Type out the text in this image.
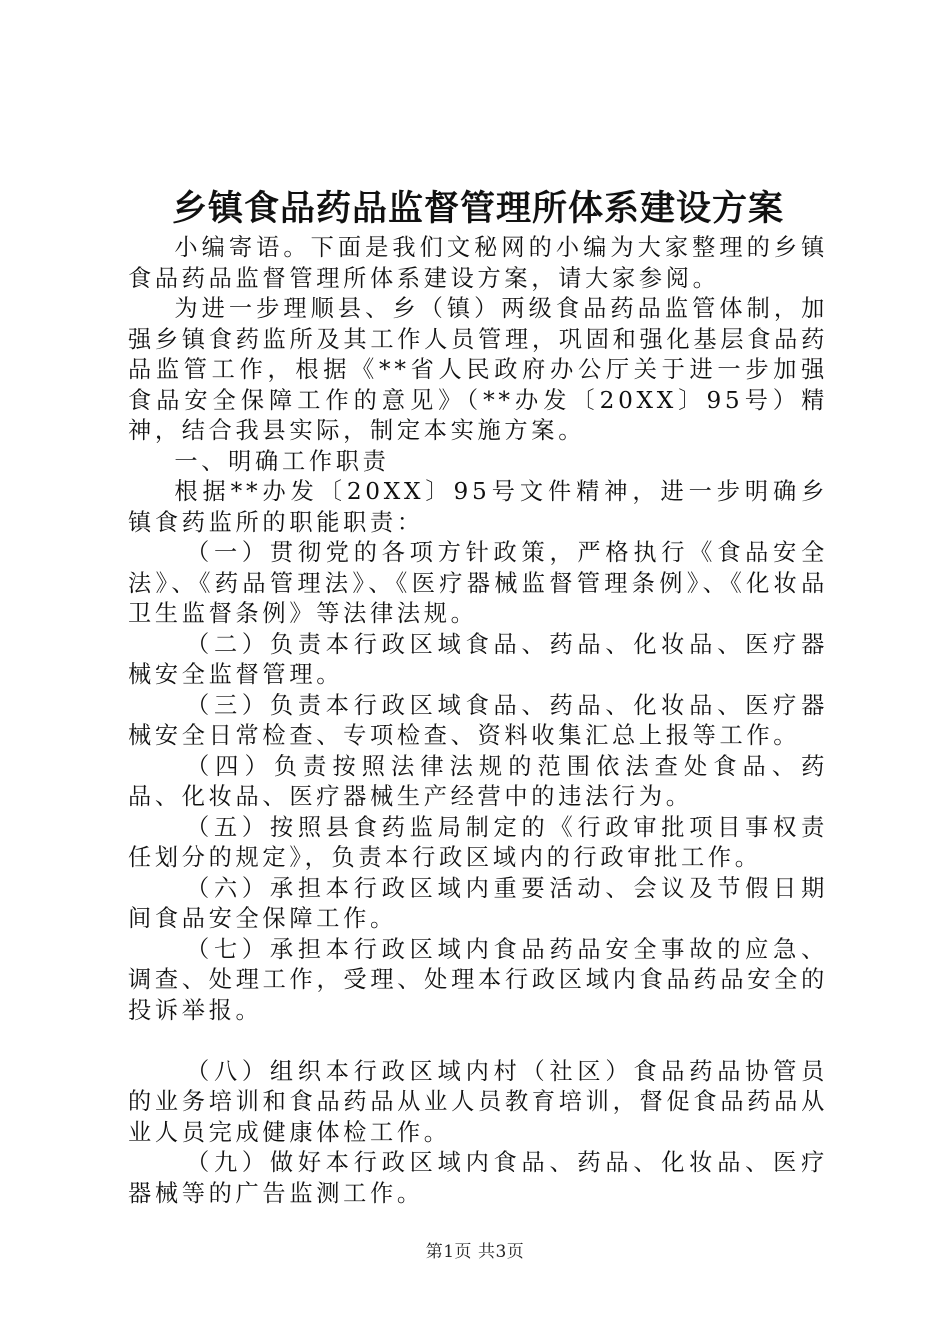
乡镇食品药品监督管理所体系建设方案

小编寄语。下面是我们文秘网的小编为大家整理的乡镇食品药品监督管理所体系建设方案，请大家参阅。

为进一步理顺县、乡（镇）两级食品药品监管体制，加强乡镇食药监所及其工作人员管理，巩固和强化基层食品药品监管工作，根据《**省人民政府办公厅关于进一步加强食品安全保障工作的意见》（**办发〔20XX〕95号）精神，结合我县实际，制定本实施方案。

一、明确工作职责

根据**办发〔20XX〕95号文件精神，进一步明确乡镇食药监所的职能职责：

（一）贯彻党的各项方针政策，严格执行《食品安全法》、《药品管理法》、《医疗器械监督管理条例》、《化妆品卫生监督条例》等法律法规。

（二）负责本行政区域食品、药品、化妆品、医疗器械安全监督管理。

（三）负责本行政区域食品、药品、化妆品、医疗器械安全日常检查、专项检查、资料收集汇总上报等工作。

（四）负责按照法律法规的范围依法查处食品、药品、化妆品、医疗器械生产经营中的违法行为。

（五）按照县食药监局制定的《行政审批项目事权责任划分的规定》，负责本行政区域内的行政审批工作。

（六）承担本行政区域内重要活动、会议及节假日期间食品安全保障工作。

（七）承担本行政区域内食品药品安全事故的应急、调查、处理工作，受理、处理本行政区域内食品药品安全的投诉举报。

（八）组织本行政区域内村（社区）食品药品协管员的业务培训和食品药品从业人员教育培训，督促食品药品从业人员完成健康体检工作。

（九）做好本行政区域内食品、药品、化妆品、医疗器械等的广告监测工作。

第1页 共3页
